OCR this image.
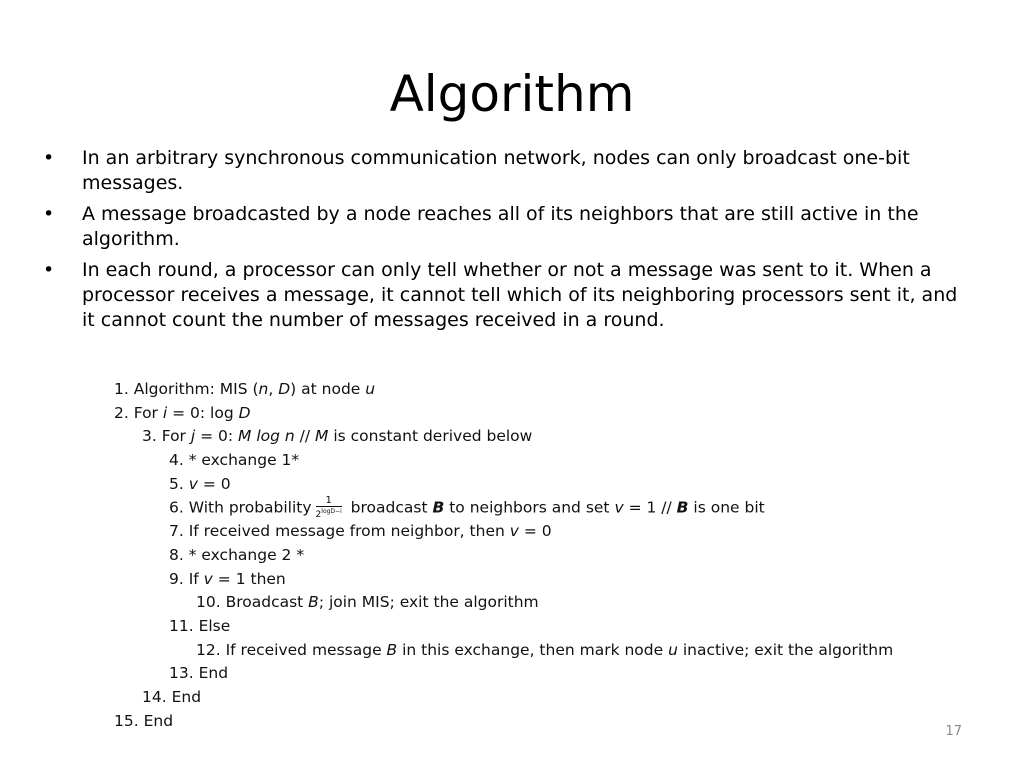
Algorithm
• In an arbitrary synchronous communication network, nodes can only broadcast one-bit messages.
• A message broadcasted by a node reaches all of its neighbors that are still active in the algorithm.
• In each round, a processor can only tell whether or not a message was sent to it. When a processor receives a message, it cannot tell which of its neighboring processors sent it, and it cannot count the number of messages received in a round.
1. Algorithm: MIS (n, D) at node u
2. For i = 0: log D
3. For j = 0: M log n // M is constant derived below
4. * exchange 1*
5. v = 0
6. With probability $\frac{1}{2^{logD-i}}$ broadcast B to neighbors and set v = 1 // B is one bit
7. If received message from neighbor, then v = 0
8. * exchange 2 *
9. If v = 1 then
10. Broadcast B; join MIS; exit the algorithm
11. Else
12. If received message B in this exchange, then mark node u inactive; exit the algorithm
13. End
14. End
15. End
17
